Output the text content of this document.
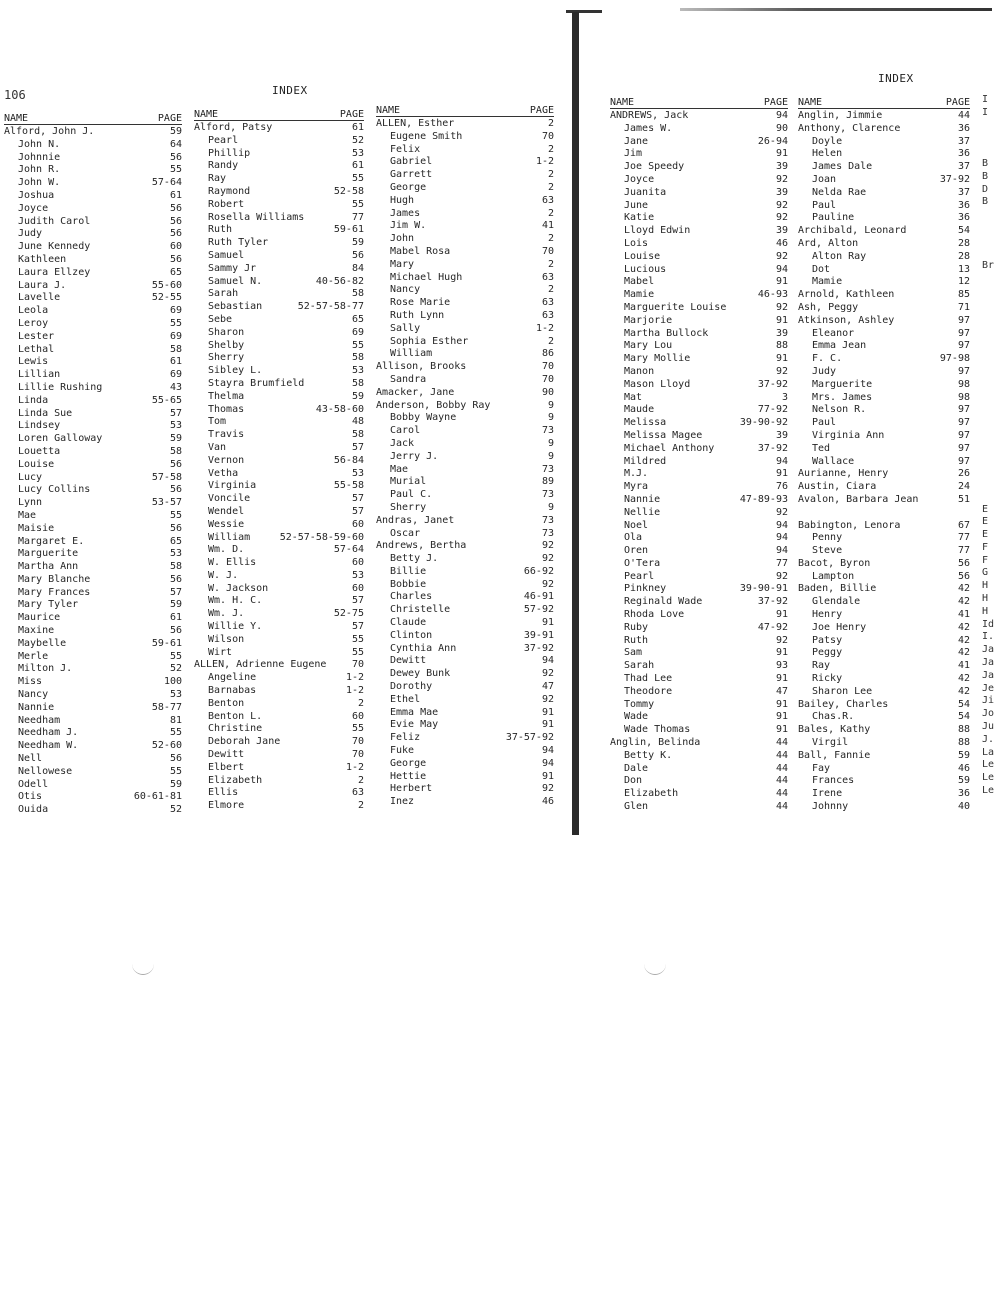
106	INDEX
NAME	PAGE
Alford, John J.	59
John N.	64
Johnnie	56
John R.	55
John W.	57-64
Joshua	61
Joyce	56
Judith Carol	56
Judy	56
June Kennedy	60
Kathleen	56
Laura Ellzey	65
Laura J.	55-60
Lavelle	52-55
Leola	69
Leroy	55
Lester	69
Lethal	58
Lewis	61
Lillian	69
Lillie Rushing	43
Linda	55-65
Linda Sue	57
Lindsey	53
Loren Galloway	59
Louetta	58
Louise	56
Lucy	57-58
Lucy Collins	56
Lynn	53-57
Mae	55
Maisie	56
Margaret E.	65
Marguerite	53
Martha Ann	58
Mary Blanche	56
Mary Frances	57
Mary Tyler	59
Maurice	61
Maxine	56
Maybelle	59-61
Merle	55
Milton J.	52
Miss	100
Nancy	53
Nannie	58-77
Needham	81
Needham J.	55
Needham W.	52-60
Nell	56
Nellowese	55
Odell	59
Otis	60-61-81
Ouida	52
NAME	PAGE
Alford, Patsy	61
Pearl	52
Phillip	53
Randy	61
Ray	55
Raymond	52-58
Robert	55
Rosella Williams	77
Ruth	59-61
Ruth Tyler	59
Samuel	56
Sammy Jr	84
Samuel N.	40-56-82
Sarah	58
Sebastian	52-57-58-77
Sebe	65
Sharon	69
Shelby	55
Sherry	58
Sibley L.	53
Stayra Brumfield	58
Thelma	59
Thomas	43-58-60
Tom	48
Travis	58
Van	57
Vernon	56-84
Vetha	53
Virginia	55-58
Voncile	57
Wendel	57
Wessie	60
William	52-57-58-59-60
Wm. D.	57-64
W. Ellis	60
W. J.	53
W. Jackson	60
Wm. H. C.	57
Wm. J.	52-75
Willie Y.	57
Wilson	55
Wirt	55
ALLEN, Adrienne Eugene	70
Angeline	1-2
Barnabas	1-2
Benton	2
Benton L.	60
Christine	55
Deborah Jane	70
Dewitt	70
Elbert	1-2
Elizabeth	2
Ellis	63
Elmore	2
NAME	PAGE
ALLEN, Esther	2
Eugene Smith	70
Felix	2
Gabriel	1-2
Garrett	2
George	2
Hugh	63
James	2
Jim W.	41
John	2
Mabel Rosa	70
Mary	2
Michael Hugh	63
Nancy	2
Rose Marie	63
Ruth Lynn	63
Sally	1-2
Sophia Esther	2
William	86
Allison, Brooks	70
Sandra	70
Amacker, Jane	90
Anderson, Bobby Ray	9
Bobby Wayne	9
Carol	73
Jack	9
Jerry J.	9
Mae	73
Murial	89
Paul C.	73
Sherry	9
Andras, Janet	73
Oscar	73
Andrews, Bertha	92
Betty J.	92
Billie	66-92
Bobbie	92
Charles	46-91
Christelle	57-92
Claude	91
Clinton	39-91
Cynthia Ann	37-92
Dewitt	94
Dewey Bunk	92
Dorothy	47
Ethel	92
Emma Mae	91
Evie May	91
Feliz	37-57-92
Fuke	94
George	94
Hettie	91
Herbert	92
Inez	46
INDEX
NAME	PAGE
ANDREWS, Jack	94
James W.	90
Jane	26-94
Jim	91
Joe Speedy	39
Joyce	92
Juanita	39
June	92
Katie	92
Lloyd Edwin	39
Lois	46
Louise	92
Lucious	94
Mabel	91
Mamie	46-93
Marguerite Louise	92
Marjorie	91
Martha Bullock	39
Mary Lou	88
Mary Mollie	91
Manon	92
Mason Lloyd	37-92
Mat	3
Maude	77-92
Melissa	39-90-92
Melissa Magee	39
Michael Anthony	37-92
Mildred	94
M.J.	91
Myra	76
Nannie	47-89-93
Nellie	92
Noel	94
Ola	94
Oren	94
O'Tera	77
Pearl	92
Pinkney	39-90-91
Reginald Wade	37-92
Rhoda Love	91
Ruby	47-92
Ruth	92
Sam	91
Sarah	93
Thad Lee	91
Theodore	47
Tommy	91
Wade	91
Wade Thomas	91
Anglin, Belinda	44
Betty K.	44
Dale	44
Don	44
Elizabeth	44
Glen	44
NAME	PAGE
Anglin, Jimmie	44
Anthony, Clarence	36
Doyle	37
Helen	36
James Dale	37
Joan	37-92
Nelda Rae	37
Paul	36
Pauline	36
Archibald, Leonard	54
Ard, Alton	28
Alton Ray	28
Dot	13
Mamie	12
Arnold, Kathleen	85
Ash, Peggy	71
Atkinson, Ashley	97
Eleanor	97
Emma Jean	97
F. C.	97-98
Judy	97
Marguerite	98
Mrs. James	98
Nelson R.	97
Paul	97
Virginia Ann	97
Ted	97
Wallace	97
Aurianne, Henry	26
Austin, Ciara	24
Avalon, Barbara Jean	51
Babington, Lenora	67
Penny	77
Steve	77
Bacot, Byron	56
Lampton	56
Baden, Billie	42
Glendale	42
Henry	41
Joe Henry	42
Patsy	42
Peggy	42
Ray	41
Ricky	42
Sharon Lee	42
Bailey, Charles	54
Chas.R.	54
Bales, Kathy	88
Virgil	88
Ball, Fannie	59
Fay	46
Frances	59
Irene	36
Johnny	40
I
I
B
B
D
B
Br
E
E
E
F
F
G
H
H
H
Id
I.
Ja
Ja
Ja
Je
Ji
Jo
Ju
J.
La
Le
Le
Le
